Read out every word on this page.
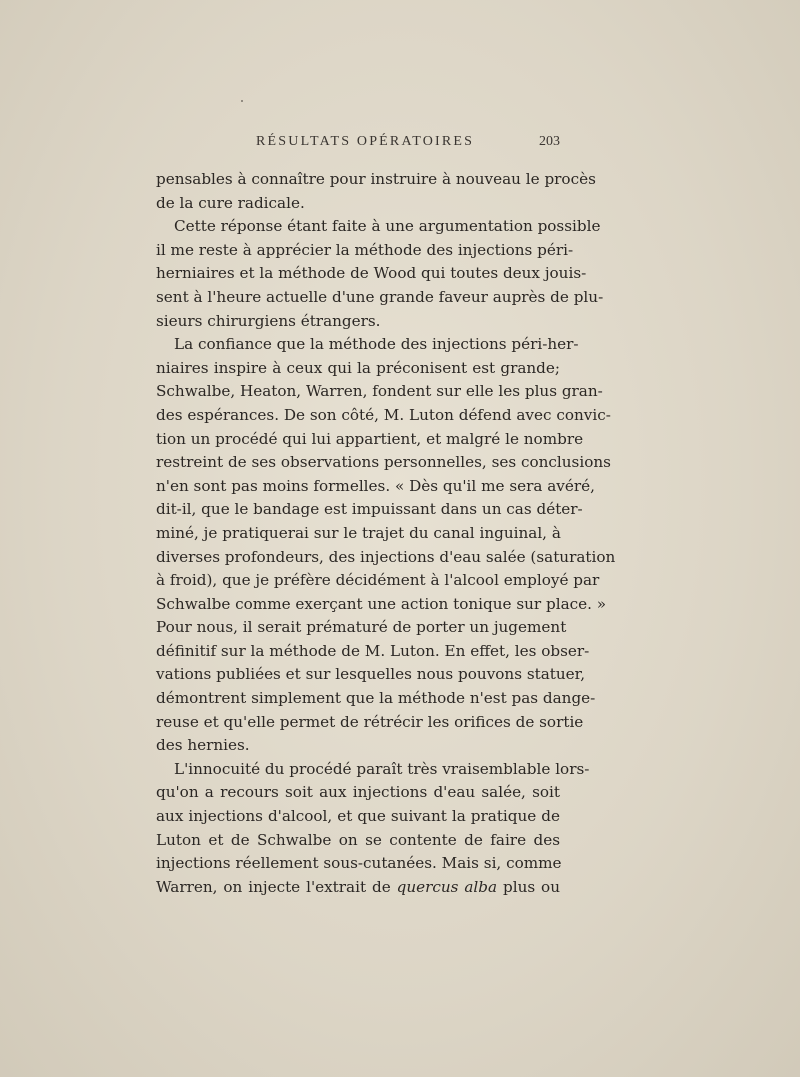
RÉSULTATS OPÉRATOIRES	203
pensables à connaître pour instruire à nouveau le procès
de la cure radicale.
Cette réponse étant faite à une argumentation possible
il me reste à apprécier la méthode des injections péri-
herniaires et la méthode de Wood qui toutes deux jouis-
sent à l'heure actuelle d'une grande faveur auprès de plu-
sieurs chirurgiens étrangers.
La confiance que la méthode des injections péri-her-
niaires inspire à ceux qui la préconisent est grande;
Schwalbe, Heaton, Warren, fondent sur elle les plus gran-
des espérances. De son côté, M. Luton défend avec convic-
tion un procédé qui lui appartient, et malgré le nombre
restreint de ses observations personnelles, ses conclusions
n'en sont pas moins formelles. « Dès qu'il me sera avéré,
dit-il, que le bandage est impuissant dans un cas déter-
miné, je pratiquerai sur le trajet du canal inguinal, à
diverses profondeurs, des injections d'eau salée (saturation
à froid), que je préfère décidément à l'alcool employé par
Schwalbe comme exerçant une action tonique sur place. »
Pour nous, il serait prématuré de porter un jugement
définitif sur la méthode de M. Luton. En effet, les obser-
vations publiées et sur lesquelles nous pouvons statuer,
démontrent simplement que la méthode n'est pas dange-
reuse et qu'elle permet de rétrécir les orifices de sortie
des hernies.
L'innocuité du procédé paraît très vraisemblable lors-
qu'on a recours soit aux injections d'eau salée, soit
aux injections d'alcool, et que suivant la pratique de
Luton et de Schwalbe on se contente de faire des
injections réellement sous-cutanées. Mais si, comme
Warren, on injecte l'extrait de quercus alba plus ou
